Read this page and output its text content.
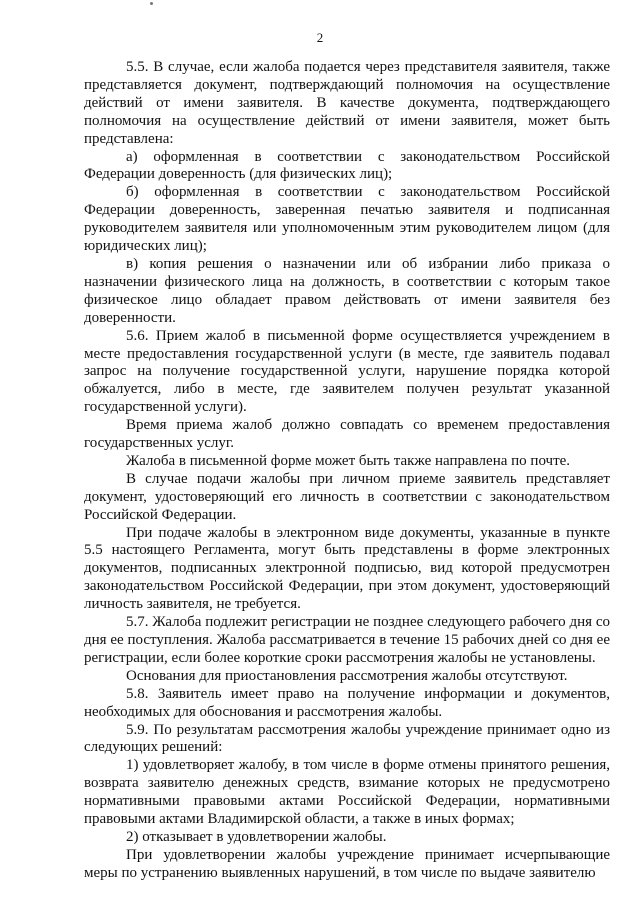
2

5.5. В случае, если жалоба подается через представителя заявителя, также представляется документ, подтверждающий полномочия на осуществление действий от имени заявителя. В качестве документа, подтверждающего полномочия на осуществление действий от имени заявителя, может быть представлена:

а) оформленная в соответствии с законодательством Российской Федерации доверенность (для физических лиц);

б) оформленная в соответствии с законодательством Российской Федерации доверенность, заверенная печатью заявителя и подписанная руководителем заявителя или уполномоченным этим руководителем лицом (для юридических лиц);

в) копия решения о назначении или об избрании либо приказа о назначении физического лица на должность, в соответствии с которым такое физическое лицо обладает правом действовать от имени заявителя без доверенности.

5.6. Прием жалоб в письменной форме осуществляется учреждением в месте предоставления государственной услуги (в месте, где заявитель подавал запрос на получение государственной услуги, нарушение порядка которой обжалуется, либо в месте, где заявителем получен результат указанной государственной услуги).

Время приема жалоб должно совпадать со временем предоставления государственных услуг.

Жалоба в письменной форме может быть также направлена по почте.

В случае подачи жалобы при личном приеме заявитель представляет документ, удостоверяющий его личность в соответствии с законодательством Российской Федерации.

При подаче жалобы в электронном виде документы, указанные в пункте 5.5 настоящего Регламента, могут быть представлены в форме электронных документов, подписанных электронной подписью, вид которой предусмотрен законодательством Российской Федерации, при этом документ, удостоверяющий личность заявителя, не требуется.

5.7. Жалоба подлежит регистрации не позднее следующего рабочего дня со дня ее поступления. Жалоба рассматривается в течение 15 рабочих дней со дня ее регистрации, если более короткие сроки рассмотрения жалобы не установлены.

Основания для приостановления рассмотрения жалобы отсутствуют.

5.8. Заявитель имеет право на получение информации и документов, необходимых для обоснования и рассмотрения жалобы.

5.9. По результатам рассмотрения жалобы учреждение принимает одно из следующих решений:

1) удовлетворяет жалобу, в том числе в форме отмены принятого решения, возврата заявителю денежных средств, взимание которых не предусмотрено нормативными правовыми актами Российской Федерации, нормативными правовыми актами Владимирской области, а также в иных формах;

2) отказывает в удовлетворении жалобы.

При удовлетворении жалобы учреждение принимает исчерпывающие меры по устранению выявленных нарушений, в том числе по выдаче заявителю
